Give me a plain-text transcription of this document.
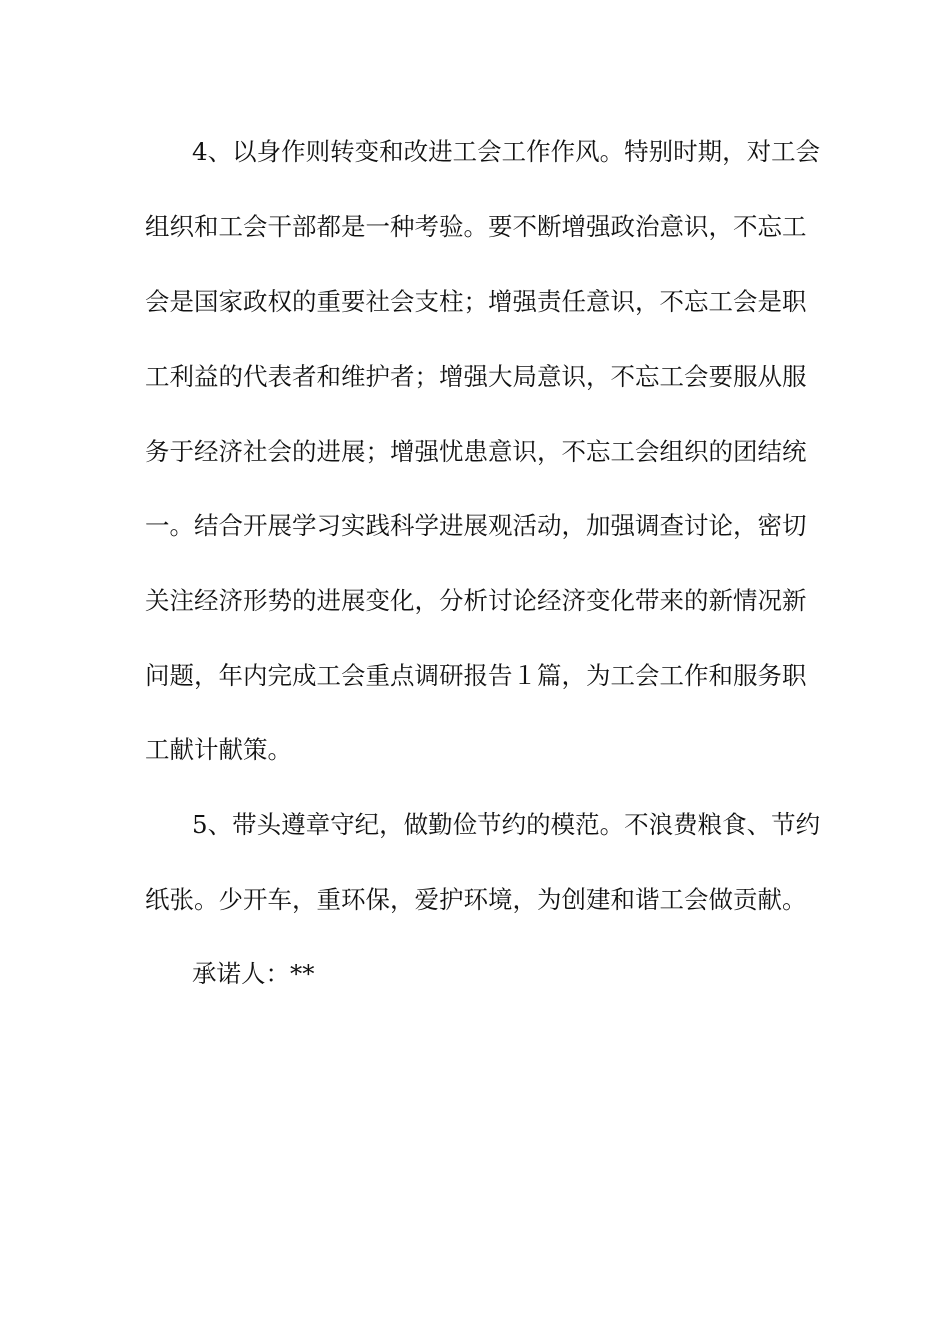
4、以身作则转变和改进工会工作作风。特别时期，对工会

组织和工会干部都是一种考验。要不断增强政治意识，不忘工

会是国家政权的重要社会支柱；增强责任意识，不忘工会是职

工利益的代表者和维护者；增强大局意识，不忘工会要服从服

务于经济社会的进展；增强忧患意识，不忘工会组织的团结统

一。结合开展学习实践科学进展观活动，加强调查讨论，密切

关注经济形势的进展变化，分析讨论经济变化带来的新情况新

问题，年内完成工会重点调研报告１篇，为工会工作和服务职

工献计献策。

5、带头遵章守纪，做勤俭节约的模范。不浪费粮食、节约

纸张。少开车，重环保，爱护环境，为创建和谐工会做贡献。

承诺人：**
